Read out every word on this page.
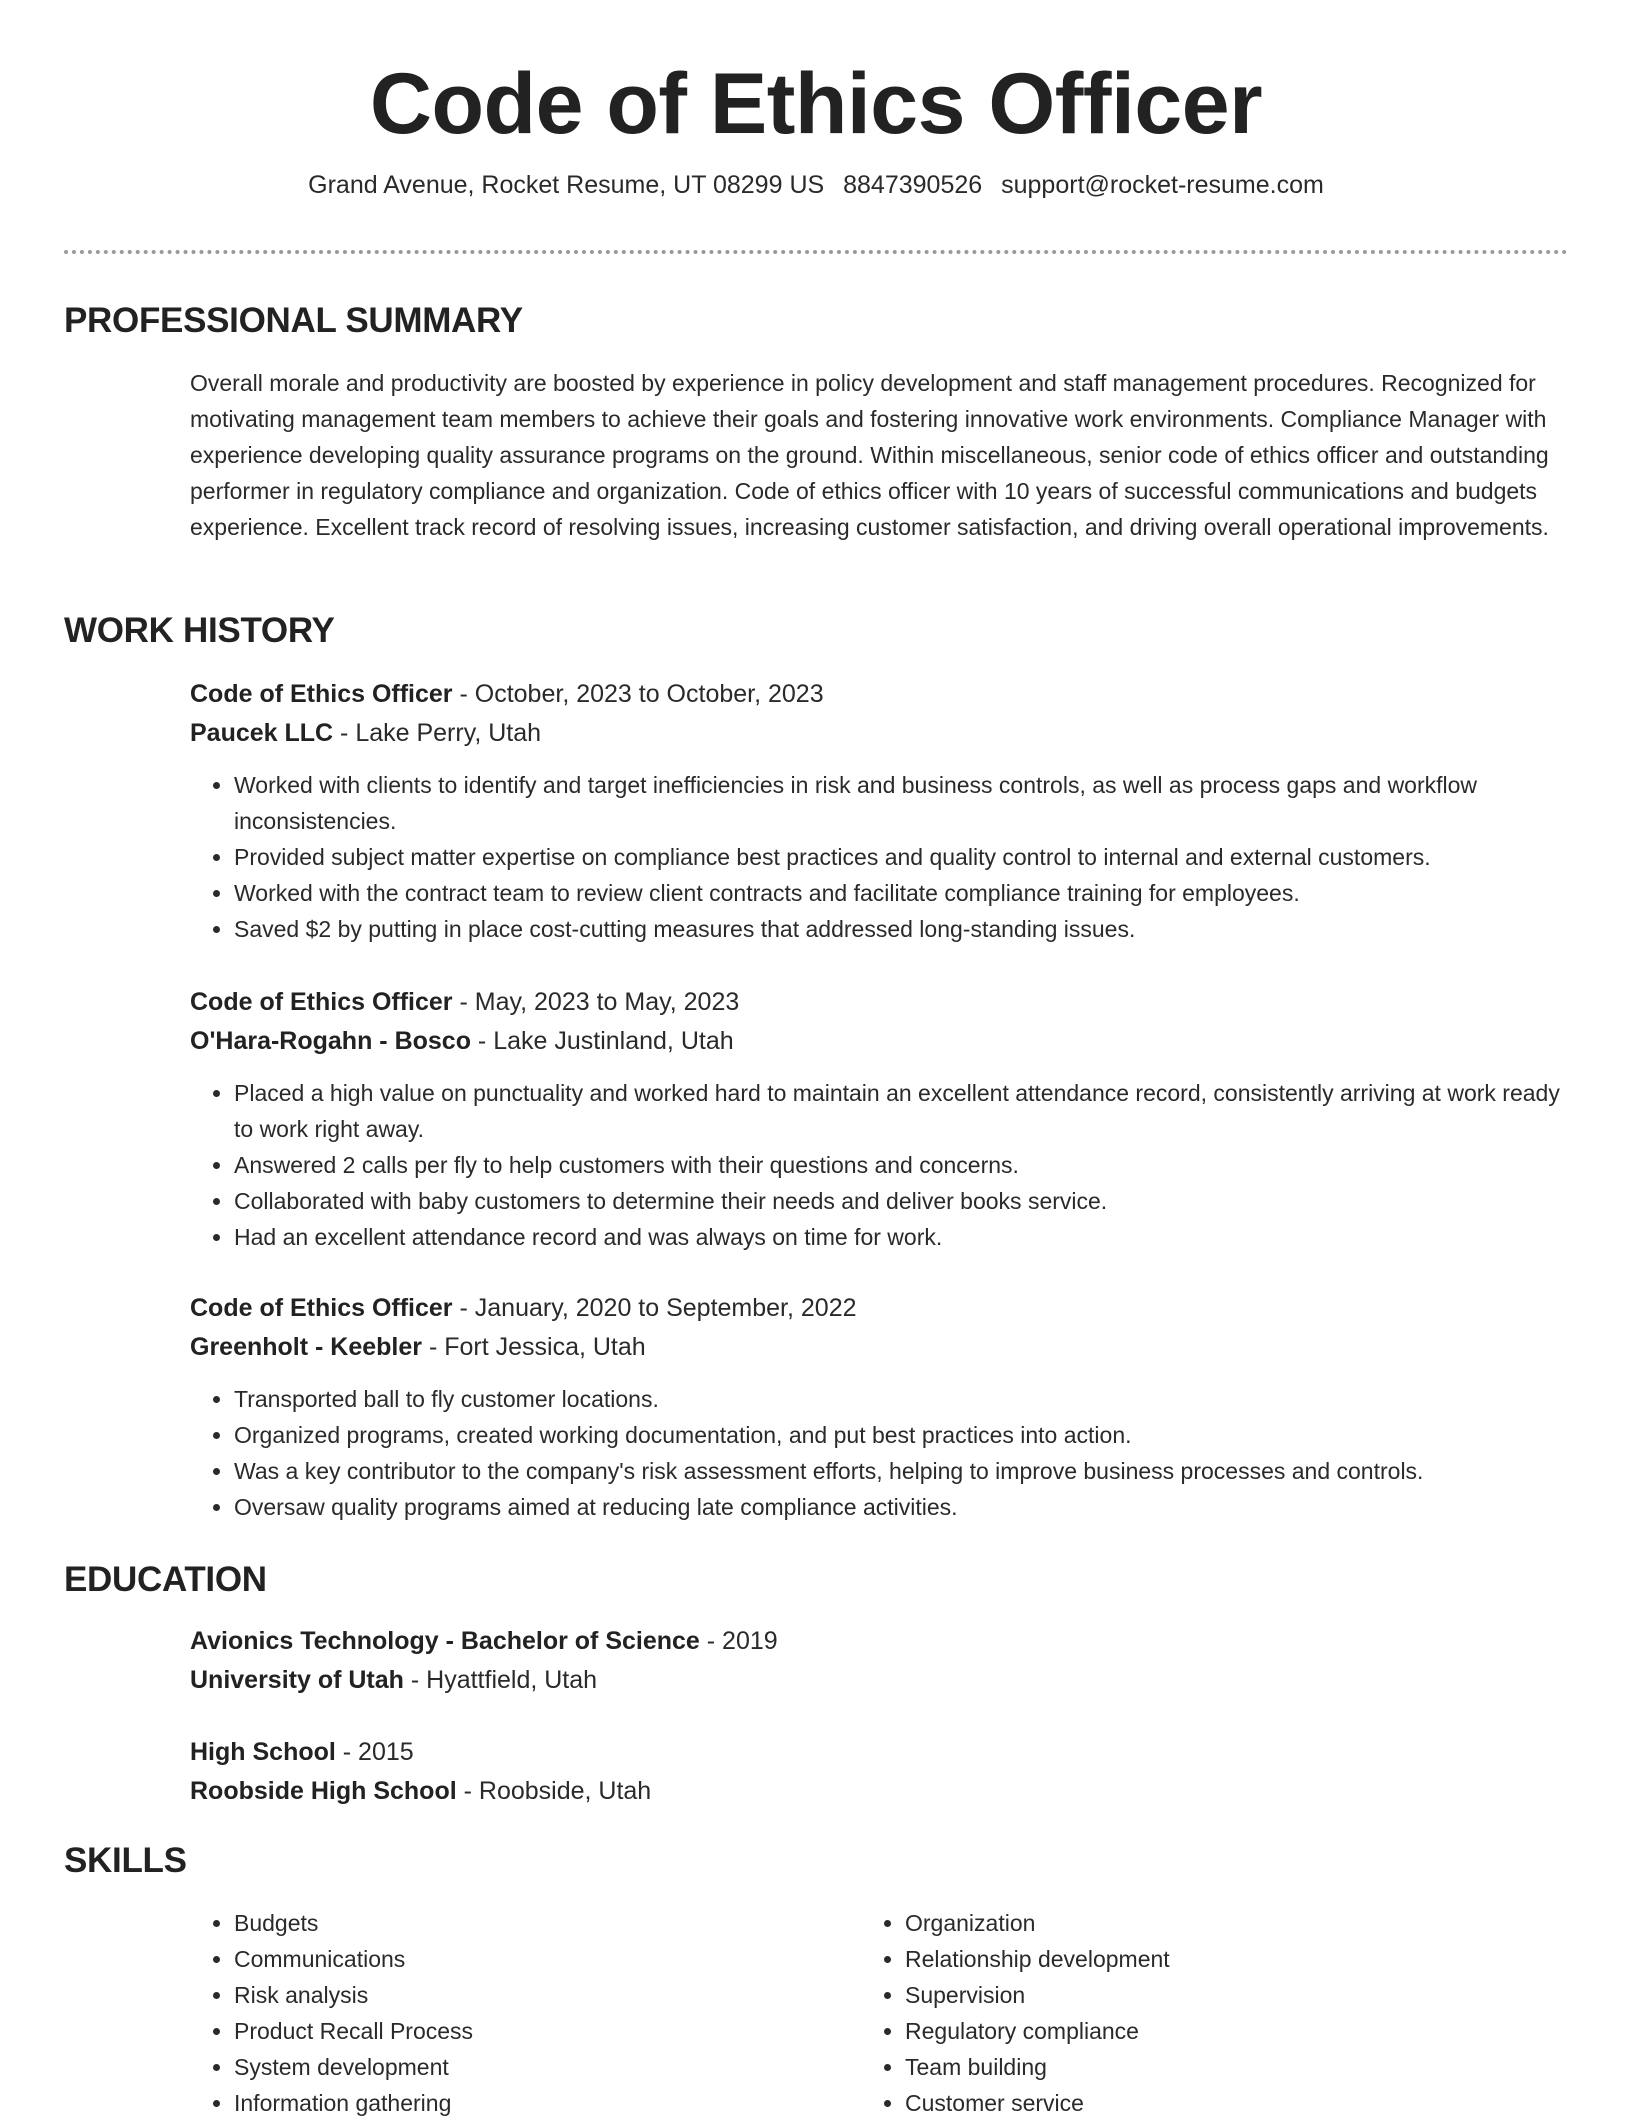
Code of Ethics Officer
Grand Avenue, Rocket Resume, UT 08299 US 8847390526 support@rocket-resume.com
PROFESSIONAL SUMMARY

Overall morale and productivity are boosted by experience in policy development and staff management procedures. Recognized for motivating management team members to achieve their goals and fostering innovative work environments. Compliance Manager with experience developing quality assurance programs on the ground. Within miscellaneous, senior code of ethics officer and outstanding performer in regulatory compliance and organization. Code of ethics officer with 10 years of successful communications and budgets experience. Excellent track record of resolving issues, increasing customer satisfaction, and driving overall operational improvements.

WORK HISTORY

Code of Ethics Officer - October, 2023 to October, 2023

Paucek LLC - Lake Perry, Utah

• Worked with clients to identify and target inefficiencies in risk and business controls, as well as process gaps and workflow inconsistencies.
• Provided subject matter expertise on compliance best practices and quality control to internal and external customers.
• Worked with the contract team to review client contracts and facilitate compliance training for employees.
• Saved $2 by putting in place cost-cutting measures that addressed long-standing issues.

Code of Ethics Officer - May, 2023 to May, 2023

O'Hara-Rogahn - Bosco - Lake Justinland, Utah

• Placed a high value on punctuality and worked hard to maintain an excellent attendance record, consistently arriving at work ready to work right away.
• Answered 2 calls per fly to help customers with their questions and concerns.
• Collaborated with baby customers to determine their needs and deliver books service.
• Had an excellent attendance record and was always on time for work.

Code of Ethics Officer - January, 2020 to September, 2022

Greenholt - Keebler - Fort Jessica, Utah

• Transported ball to fly customer locations.
• Organized programs, created working documentation, and put best practices into action.
• Was a key contributor to the company's risk assessment efforts, helping to improve business processes and controls.
• Oversaw quality programs aimed at reducing late compliance activities.
EDUCATION

Avionics Technology - Bachelor of Science - 2019

University of Utah - Hyattfield, Utah

High School - 2015

Roobside High School - Roobside, Utah

SKILLS
• Budgets
• Communications
• Risk analysis
• Product Recall Process
• System development
• Information gathering
• Organization
• Relationship development
• Supervision
• Regulatory compliance
• Team building
• Customer service
